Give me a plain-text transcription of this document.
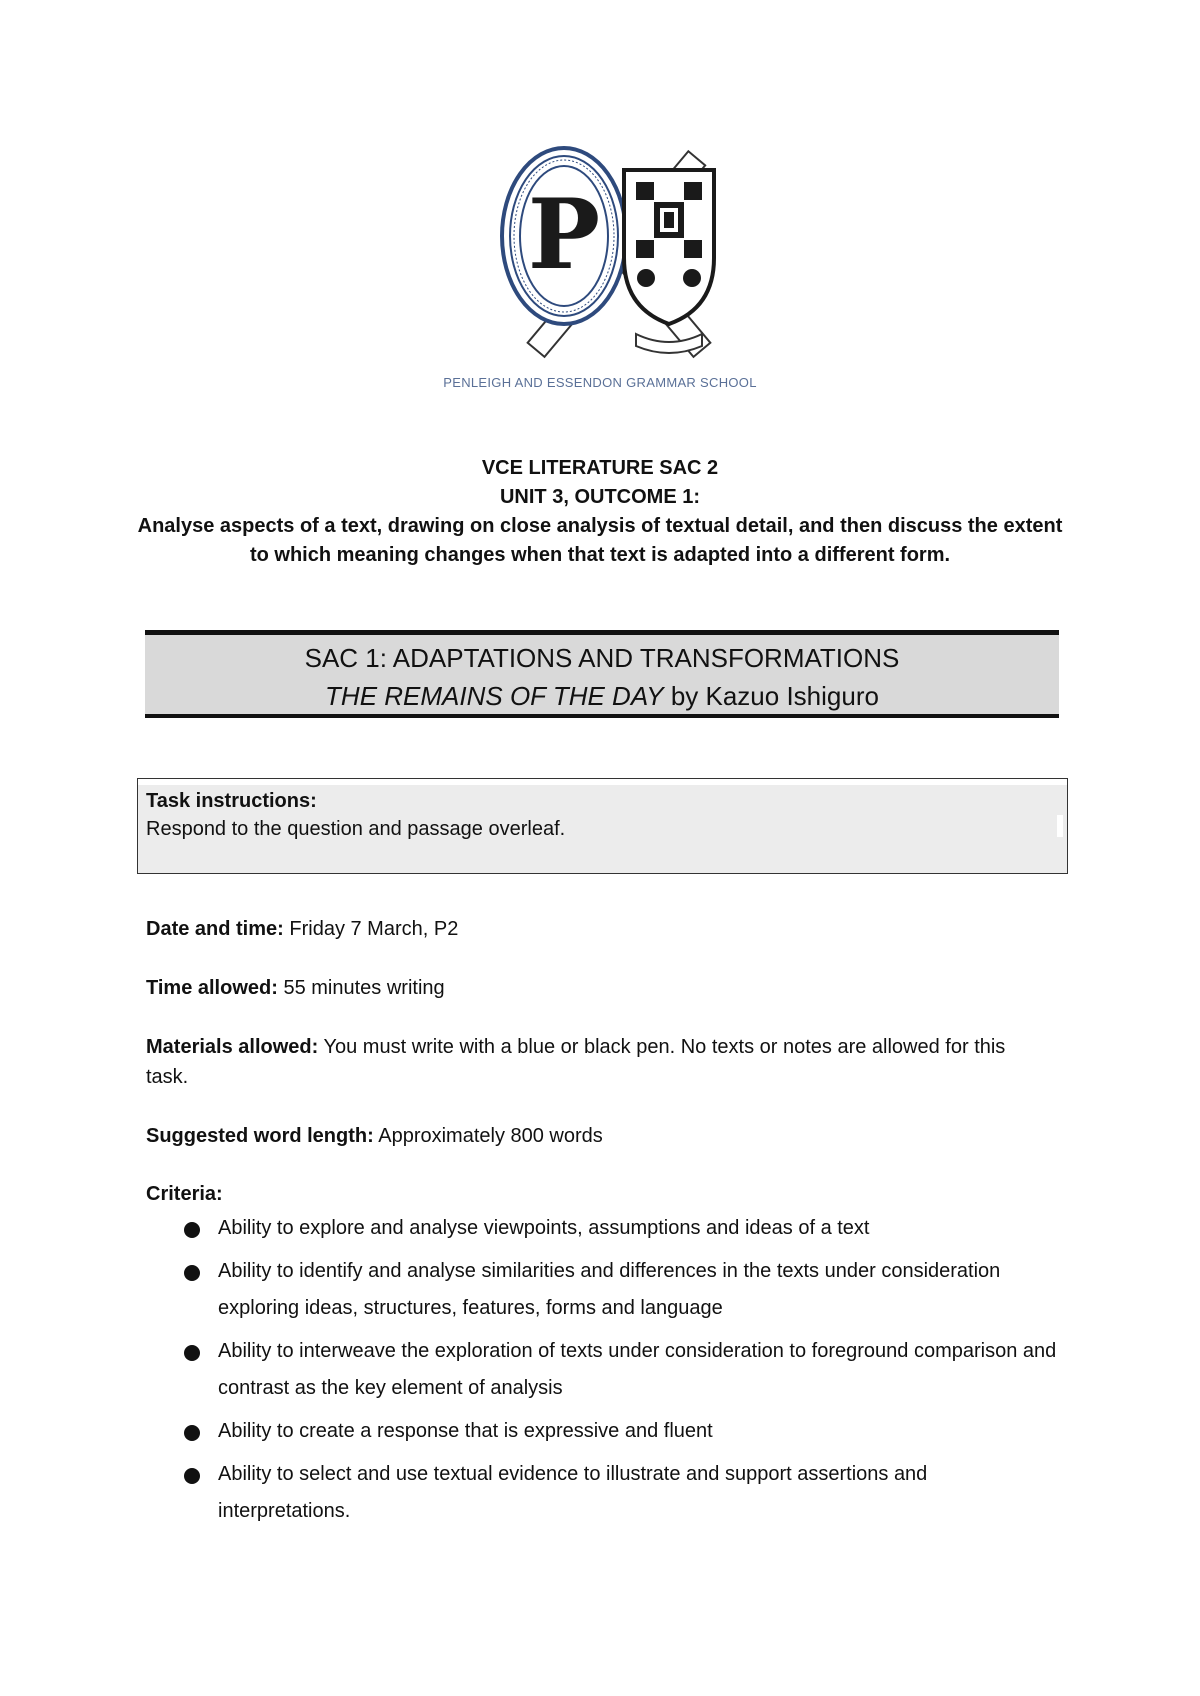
P
PENLEIGH AND ESSENDON GRAMMAR SCHOOL
VCE LITERATURE SAC 2
UNIT 3, OUTCOME 1:
Analyse aspects of a text, drawing on close analysis of textual detail, and then discuss the extent to which meaning changes when that text is adapted into a different form.
SAC 1: ADAPTATIONS AND TRANSFORMATIONS
THE REMAINS OF THE DAY by Kazuo Ishiguro
Task instructions:
Respond to the question and passage overleaf.
Date and time: Friday 7 March, P2
Time allowed: 55 minutes writing
Materials allowed: You must write with a blue or black pen. No texts or notes are allowed for this task.
Suggested word length: Approximately 800 words
Criteria:
Ability to explore and analyse viewpoints, assumptions and ideas of a text
Ability to identify and analyse similarities and differences in the texts under consideration exploring ideas, structures, features, forms and language
Ability to interweave the exploration of texts under consideration to foreground comparison and contrast as the key element of analysis
Ability to create a response that is expressive and fluent
Ability to select and use textual evidence to illustrate and support assertions and interpretations.
